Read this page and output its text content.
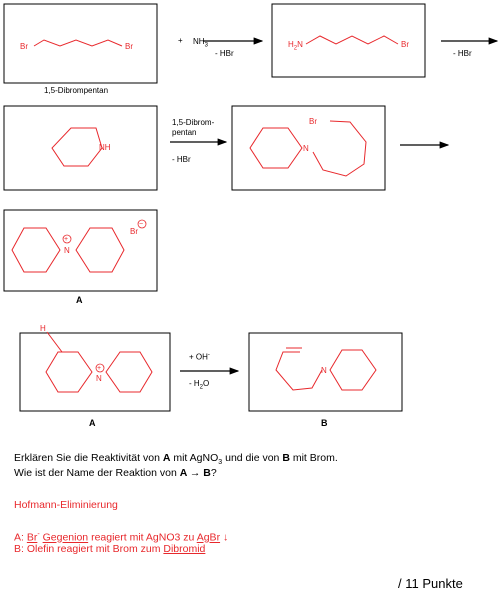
Br	Br
1,5-Dibrompentan
+ $NH_3$
- HBr
$H_2N$	Br
- HBr
NH
1,5-Dibrom-
pentan
- HBr
Br
N
+
N
Br
−
A
H
+
N
+ OH-
- $H_2O$
N
A	B
Erklären Sie die Reaktivität von A mit AgNO$_3$ und die von B mit Brom.
Wie ist der Name der Reaktion von A → B?
Hofmann-Eliminierung
A: Br- Gegenion reagiert mit AgNO3 zu AgBr ↓
B: Olefin reagiert mit Brom zum Dibromid
/ 11 Punkte
